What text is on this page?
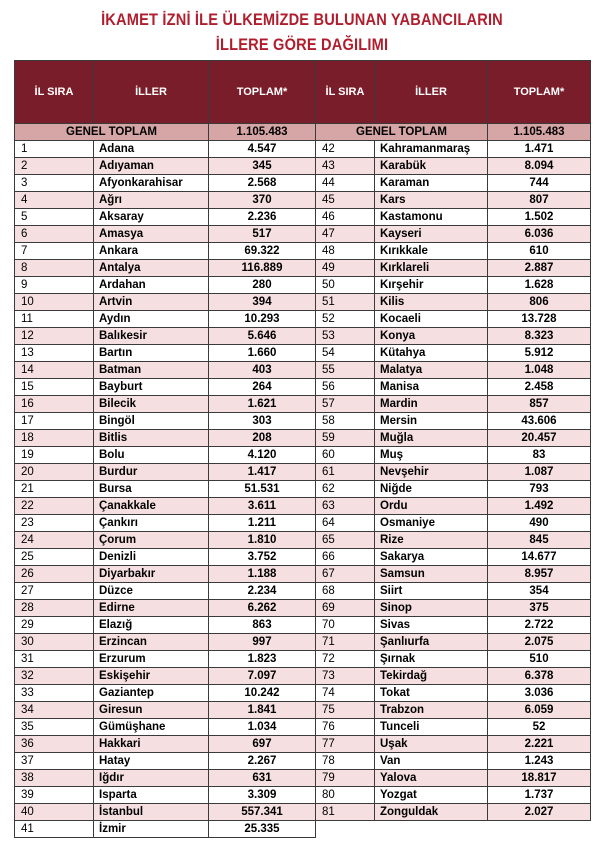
İKAMET İZNİ İLE ÜLKEMİZDE BULUNAN YABANCILARIN
İLLERE GÖRE DAĞILIMI
İL SIRA	İLLER	TOPLAM*	İL SIRA	İLLER	TOPLAM*
GENEL TOPLAM		1.105.483	GENEL TOPLAM		1.105.483
1	Adana	4.547	42	Kahramanmaraş	1.471
2	Adıyaman	345	43	Karabük	8.094
3	Afyonkarahisar	2.568	44	Karaman	744
4	Ağrı	370	45	Kars	807
5	Aksaray	2.236	46	Kastamonu	1.502
6	Amasya	517	47	Kayseri	6.036
7	Ankara	69.322	48	Kırıkkale	610
8	Antalya	116.889	49	Kırklareli	2.887
9	Ardahan	280	50	Kırşehir	1.628
10	Artvin	394	51	Kilis	806
11	Aydın	10.293	52	Kocaeli	13.728
12	Balıkesir	5.646	53	Konya	8.323
13	Bartın	1.660	54	Kütahya	5.912
14	Batman	403	55	Malatya	1.048
15	Bayburt	264	56	Manisa	2.458
16	Bilecik	1.621	57	Mardin	857
17	Bingöl	303	58	Mersin	43.606
18	Bitlis	208	59	Muğla	20.457
19	Bolu	4.120	60	Muş	83
20	Burdur	1.417	61	Nevşehir	1.087
21	Bursa	51.531	62	Niğde	793
22	Çanakkale	3.611	63	Ordu	1.492
23	Çankırı	1.211	64	Osmaniye	490
24	Çorum	1.810	65	Rize	845
25	Denizli	3.752	66	Sakarya	14.677
26	Diyarbakır	1.188	67	Samsun	8.957
27	Düzce	2.234	68	Siirt	354
28	Edirne	6.262	69	Sinop	375
29	Elazığ	863	70	Sivas	2.722
30	Erzincan	997	71	Şanlıurfa	2.075
31	Erzurum	1.823	72	Şırnak	510
32	Eskişehir	7.097	73	Tekirdağ	6.378
33	Gaziantep	10.242	74	Tokat	3.036
34	Giresun	1.841	75	Trabzon	6.059
35	Gümüşhane	1.034	76	Tunceli	52
36	Hakkari	697	77	Uşak	2.221
37	Hatay	2.267	78	Van	1.243
38	Iğdır	631	79	Yalova	18.817
39	Isparta	3.309	80	Yozgat	1.737
40	İstanbul	557.341	81	Zonguldak	2.027
41	İzmir	25.335			
